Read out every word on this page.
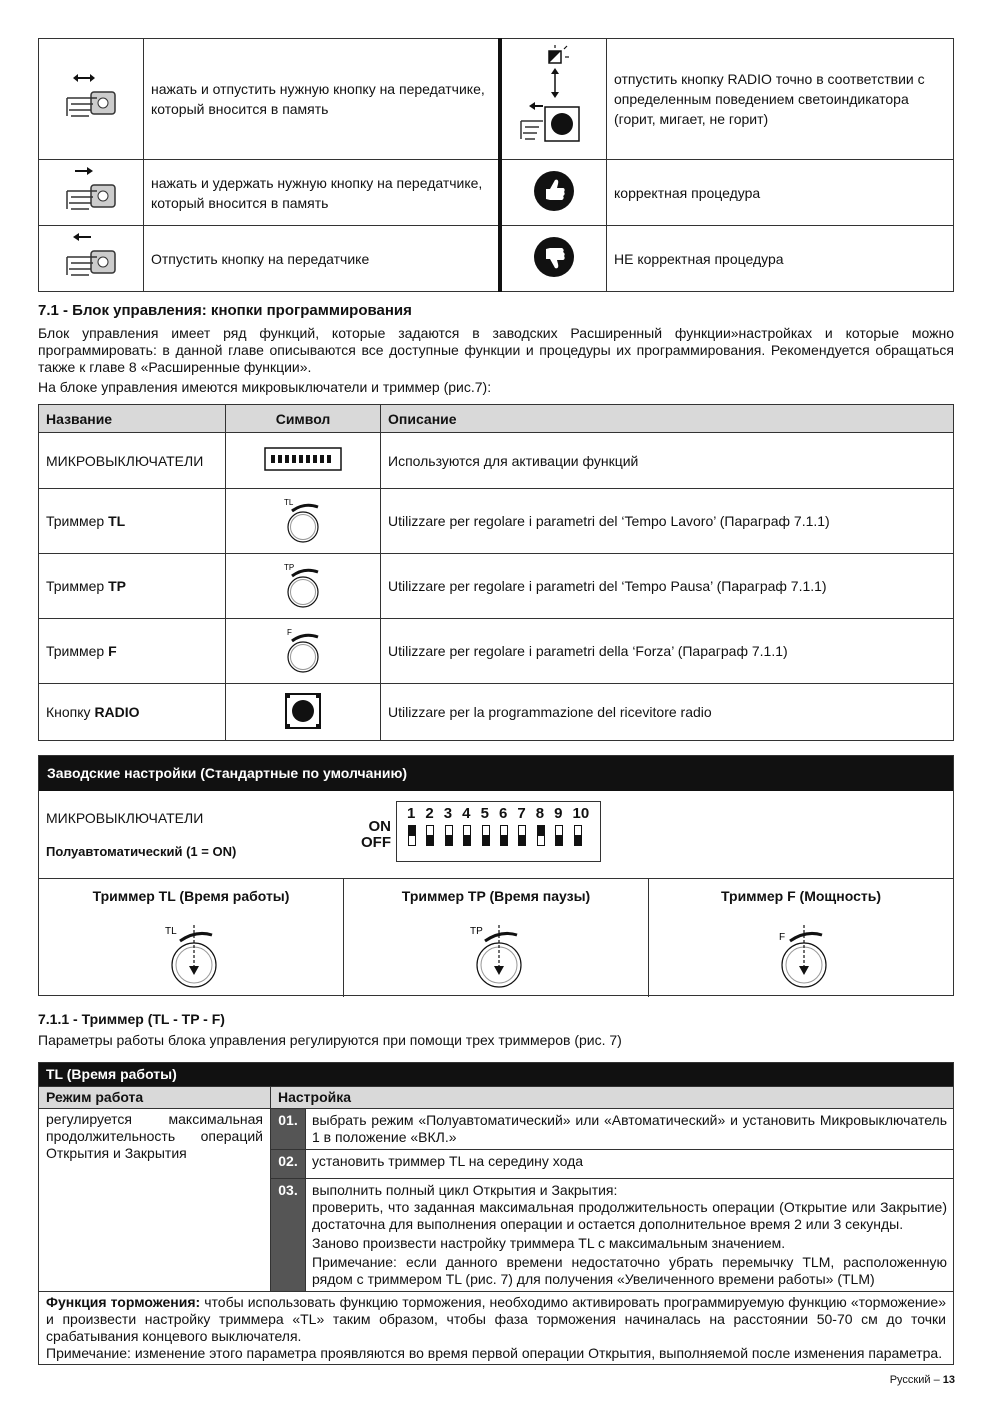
	нажать и отпустить нужную кнопку на передатчике, который вносится в память		отпустить кнопку RADIO точно в соответствии с определенным поведением светоиндикатора (горит, мигает, не горит)
	нажать и удержать нужную кнопку на передатчике, который вносится в память		корректная процедура
	Отпустить кнопку на передатчике		НЕ корректная процедура
7.1 - Блок управления: кнопки программирования

Блок управления имеет ряд функций, которые задаются в заводских Расширенный функции»настройках и которые можно программировать: в данной главе описываются все доступные функции и процедуры их программирования. Рекомендуется обращаться также к главе 8 «Расширенные функции».

На блоке управления имеются микровыключатели и триммер (рис.7):

Название	Символ	Описание
МИКРОВЫКЛЮЧАТЕЛИ		Используются для активации функций
Триммер TL	TL	Utilizzare per regolare i parametri del ‘Tempo Lavoro’ (Параграф 7.1.1)
Триммер TP	TP	Utilizzare per regolare i parametri del ‘Tempo Pausa’ (Параграф 7.1.1)
Триммер F	F	Utilizzare per regolare i parametri della ‘Forza’ (Параграф 7.1.1)
Кнопку RADIO		Utilizzare per la programmazione del ricevitore radio
Заводские настройки (Стандартные по умолчанию)
МИКРОВЫКЛЮЧАТЕЛИ
Полуавтоматический (1 = ON)
ON
OFF
1 2 3 4 5 6 7 8 9 10
Триммер TL (Время работы)
TL
Триммер TP (Время паузы)
TP
Триммер F (Мощность)
F
7.1.1 - Триммер (TL - TP - F)
Параметры работы блока управления регулируются при помощи трех триммеров (рис. 7)
TL (Время работы)		
Режим работа	Настройка	
регулируется максимальная продолжительность операций Открытия и Закрытия	01.	выбрать режим «Полуавтоматический» или «Автоматический» и установить Микровыключатель 1 в положение «ВКЛ.»

	02.	установить триммер TL на середину хода

	03.	выполнить полный цикл Открытия и Закрытия:
проверить, что заданная максимальная продолжительность операции (Открытие или Закрытие) достаточна для выполнения операции и остается дополнительное время 2 или 3 секунды.
Заново произвести настройку триммера TL с максимальным значением.
Примечание: если данного времени недостаточно убрать перемычку TLM, расположенную рядом с триммером TL (рис. 7) для получения «Увеличенного времени работы» (TLM)

Функция торможения: чтобы использовать функцию торможения, необходимо активировать программируемую функцию «торможение» и произвести настройку триммера «TL» таким образом, чтобы фаза торможения начиналась на расстоянии 50-70 см до точки срабатывания концевого выключателя.
Примечание: изменение этого параметра проявляются во время первой операции Открытия, выполняемой после изменения параметра.		
Русский – 13
